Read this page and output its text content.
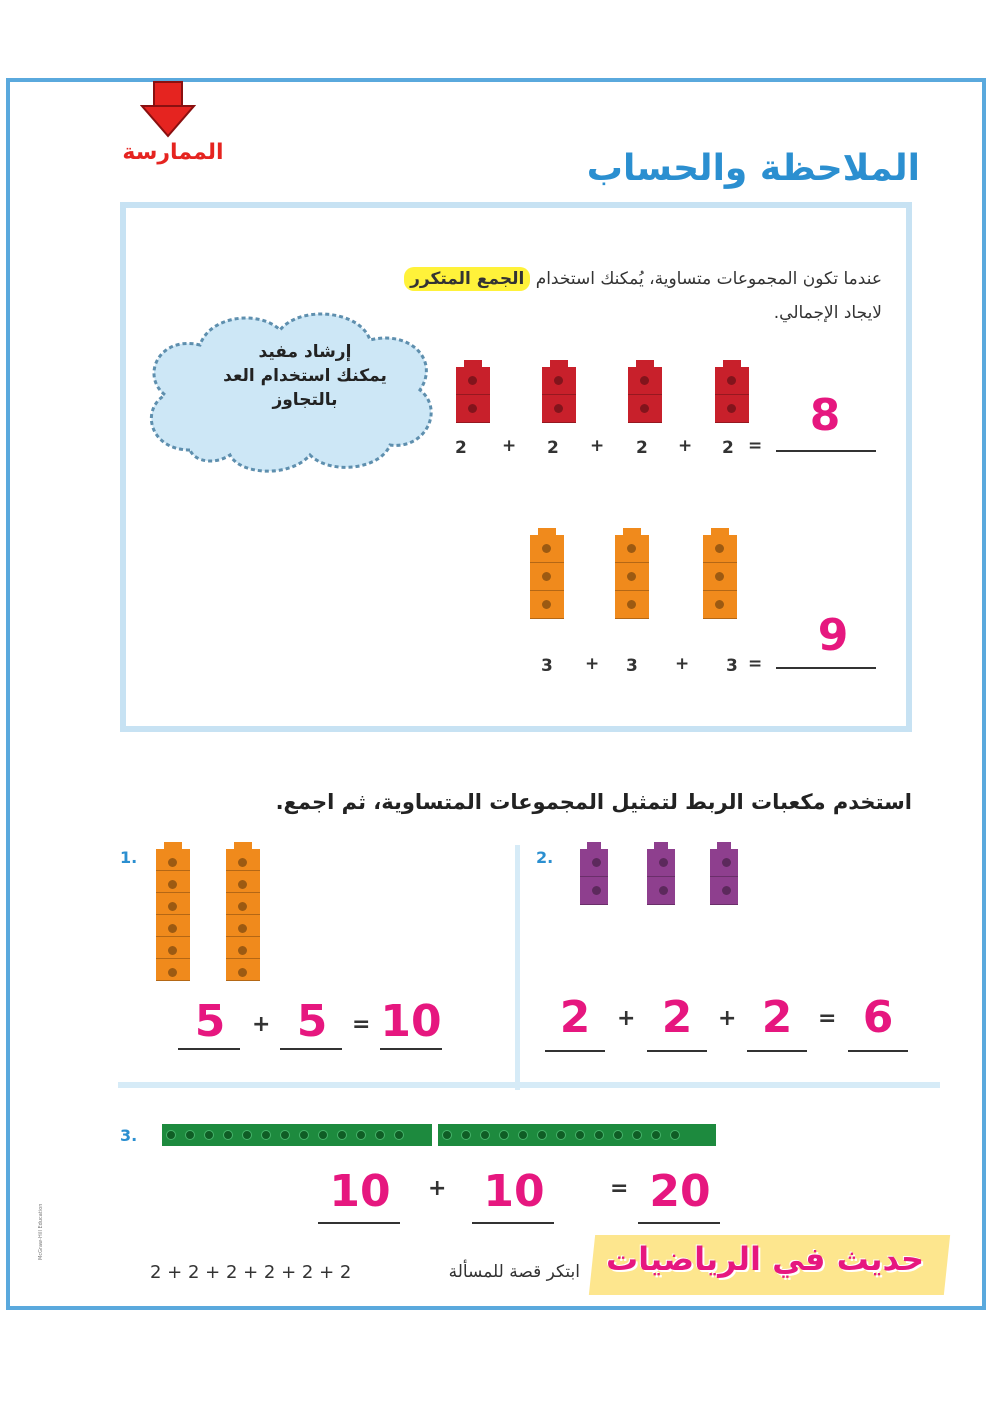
الممارسة	الملاحظة والحساب
عندما تكون المجموعات متساوية، يُمكنك استخدام الجمع المتكرر
لايجاد الإجمالي.
إرشاد مفيد
يمكنك استخدام العد
بالتجاوز
2 + 2 + 2 + 2 =
8
3 + 3 + 3 =
9
استخدم مكعبات الربط لتمثيل المجموعات المتساوية، ثم اجمع.
1.
5	+ 5	= 10
2.
2	+ 2	+ 2	= 6
3.
10	+ 10	= 20
حديث في الرياضيات
ابتكر قصة للمسألة
2 + 2 + 2 + 2 + 2 + 2
McGraw-Hill Education
